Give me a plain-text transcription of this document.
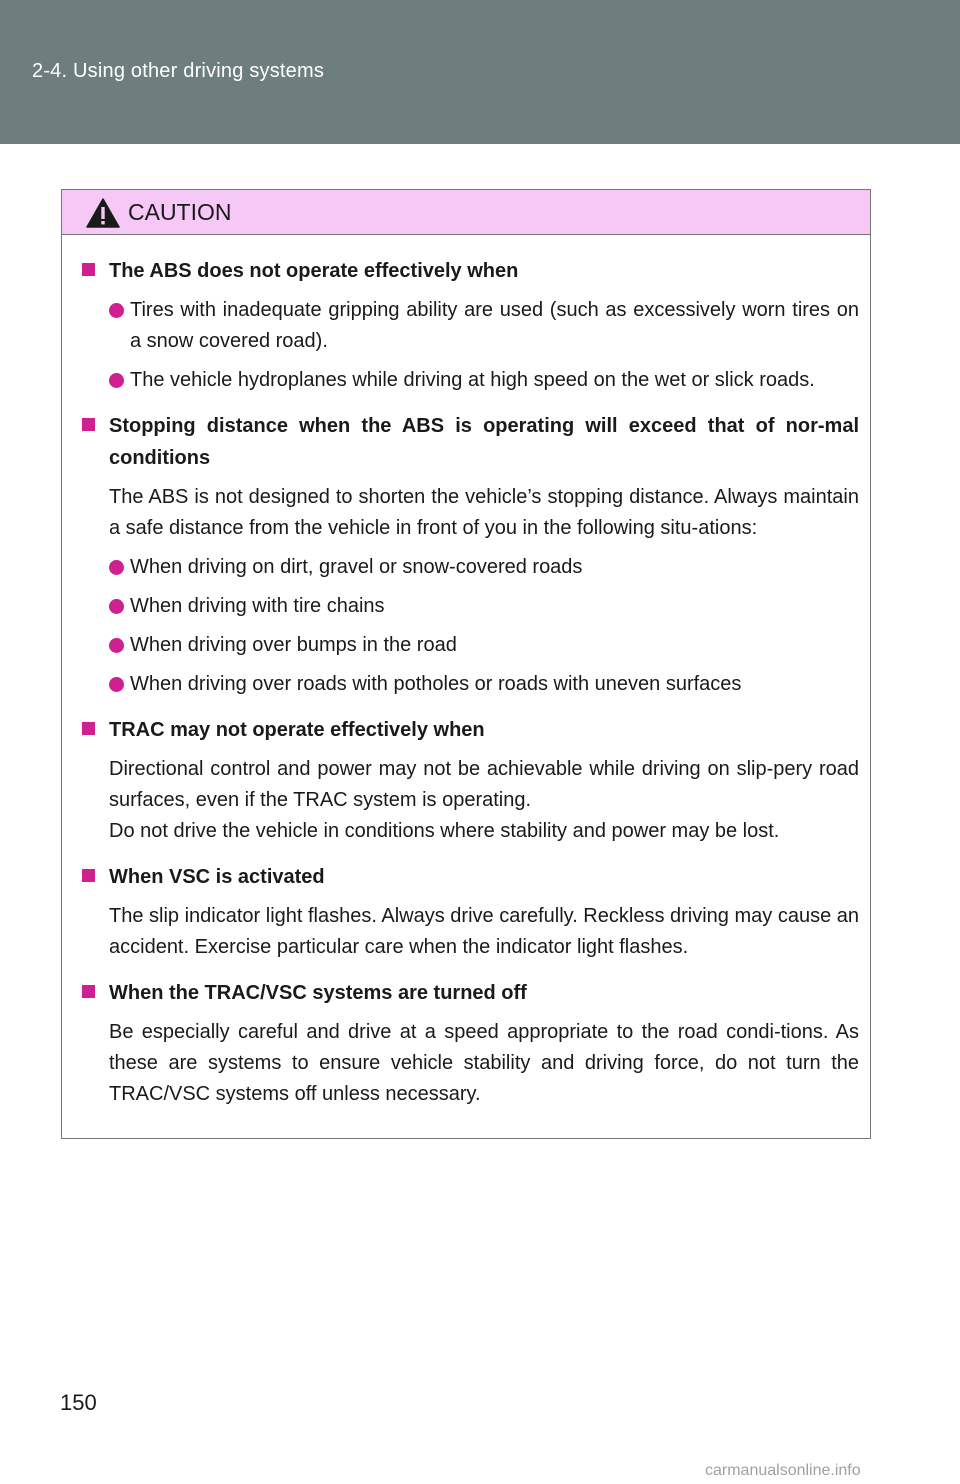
2-4. Using other driving systems
CAUTION
The ABS does not operate effectively when
Tires with inadequate gripping ability are used (such as excessively worn tires on a snow covered road).
The vehicle hydroplanes while driving at high speed on the wet or slick roads.
Stopping distance when the ABS is operating will exceed that of nor-mal conditions
The ABS is not designed to shorten the vehicle’s stopping distance. Always maintain a safe distance from the vehicle in front of you in the following situ-ations:
When driving on dirt, gravel or snow-covered roads
When driving with tire chains
When driving over bumps in the road
When driving over roads with potholes or roads with uneven surfaces
TRAC may not operate effectively when
Directional control and power may not be achievable while driving on slip-pery road surfaces, even if the TRAC system is operating.
Do not drive the vehicle in conditions where stability and power may be lost.
When VSC is activated
The slip indicator light flashes. Always drive carefully. Reckless driving may cause an accident. Exercise particular care when the indicator light flashes.
When the TRAC/VSC systems are turned off
Be especially careful and drive at a speed appropriate to the road condi-tions. As these are systems to ensure vehicle stability and driving force, do not turn the TRAC/VSC systems off unless necessary.
150
carmanualsonline.info
